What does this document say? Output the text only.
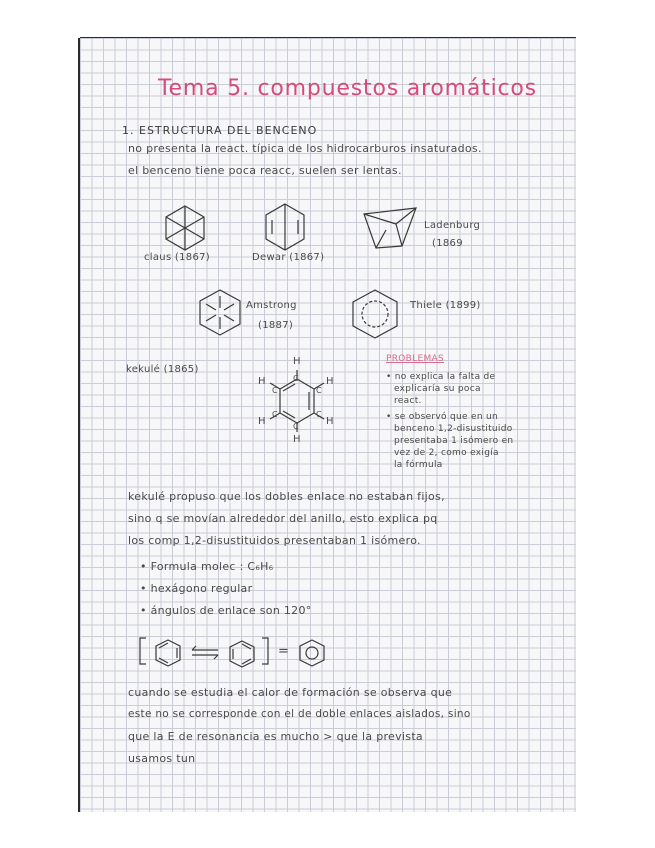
Tema 5. compuestos aromáticos
1. ESTRUCTURA DEL BENCENO
no presenta la react. típica de los hidrocarburos insaturados.
el benceno tiene poca reacc, suelen ser lentas.
claus (1867)	Dewar (1867)
Ladenburg
(1869
Amstrong
(1887)
Thiele (1899)
kekulé (1865)
H
C	H
C
H
C
H
C
H
C
H
C
PROBLEMAS
• no explica la falta de
explicaría su poca
react.
• se observó que en un
benceno 1,2-disustituido
presentaba 1 isómero en
vez de 2, como exigía
la fórmula
kekulé propuso que los dobles enlace no estaban fijos,
sino q se movían alrededor del anillo, esto explica pq
los comp 1,2-disustituidos presentaban 1 isómero.
• Formula molec : C₆H₆
• hexágono regular
• ángulos de enlace son 120°
=
cuando se estudia el calor de formación se observa que
este no se corresponde con el de doble enlaces aislados, sino
que la E de resonancia es mucho > que la prevista
usamos tun
